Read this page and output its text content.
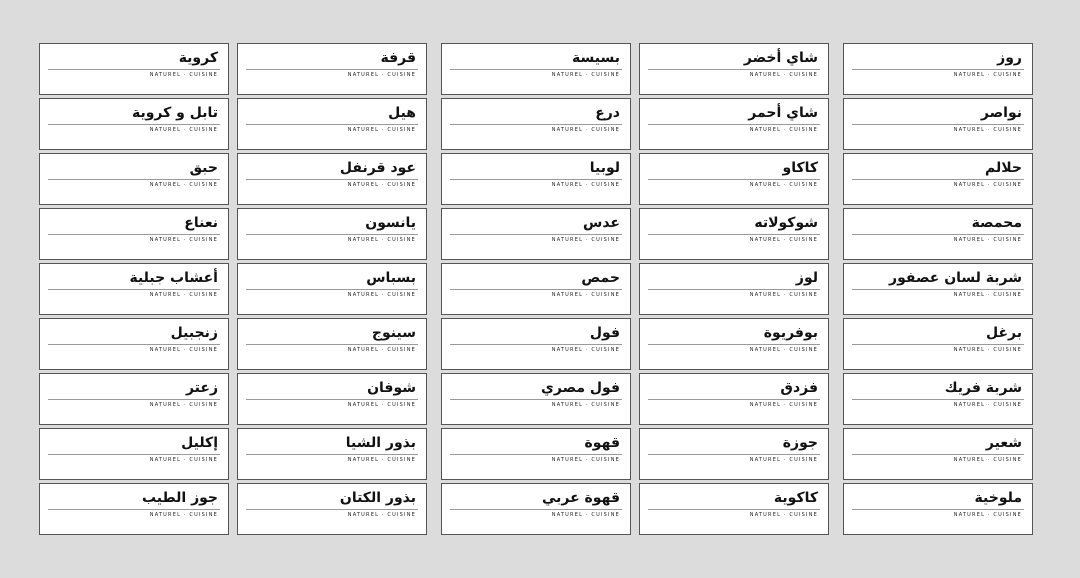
روز
NATUREL · CUISINE
نواصر
NATUREL · CUISINE
حلالم
NATUREL · CUISINE
محمصة
NATUREL · CUISINE
شربة لسان عصفور
NATUREL · CUISINE
برغل
NATUREL · CUISINE
شربة فريك
NATUREL · CUISINE
شعير
NATUREL · CUISINE
ملوخية
NATUREL · CUISINE
شاي أخضر
NATUREL · CUISINE
شاي أحمر
NATUREL · CUISINE
كاكاو
NATUREL · CUISINE
شوكولاته
NATUREL · CUISINE
لوز
NATUREL · CUISINE
بوفريوة
NATUREL · CUISINE
فزدق
NATUREL · CUISINE
جوزة
NATUREL · CUISINE
كاكوية
NATUREL · CUISINE
بسيسة
NATUREL · CUISINE
درع
NATUREL · CUISINE
لوبيا
NATUREL · CUISINE
عدس
NATUREL · CUISINE
حمص
NATUREL · CUISINE
فول
NATUREL · CUISINE
فول مصري
NATUREL · CUISINE
قهوة
NATUREL · CUISINE
قهوة عربي
NATUREL · CUISINE
قرفة
NATUREL · CUISINE
هيل
NATUREL · CUISINE
عود قرنفل
NATUREL · CUISINE
يانسون
NATUREL · CUISINE
بسباس
NATUREL · CUISINE
سينوج
NATUREL · CUISINE
شوفان
NATUREL · CUISINE
بذور الشيا
NATUREL · CUISINE
بذور الكتان
NATUREL · CUISINE
كروية
NATUREL · CUISINE
تابل و كروية
NATUREL · CUISINE
حبق
NATUREL · CUISINE
نعناع
NATUREL · CUISINE
أعشاب جبلية
NATUREL · CUISINE
زنجبيل
NATUREL · CUISINE
زعتر
NATUREL · CUISINE
إكليل
NATUREL · CUISINE
جوز الطيب
NATUREL · CUISINE
